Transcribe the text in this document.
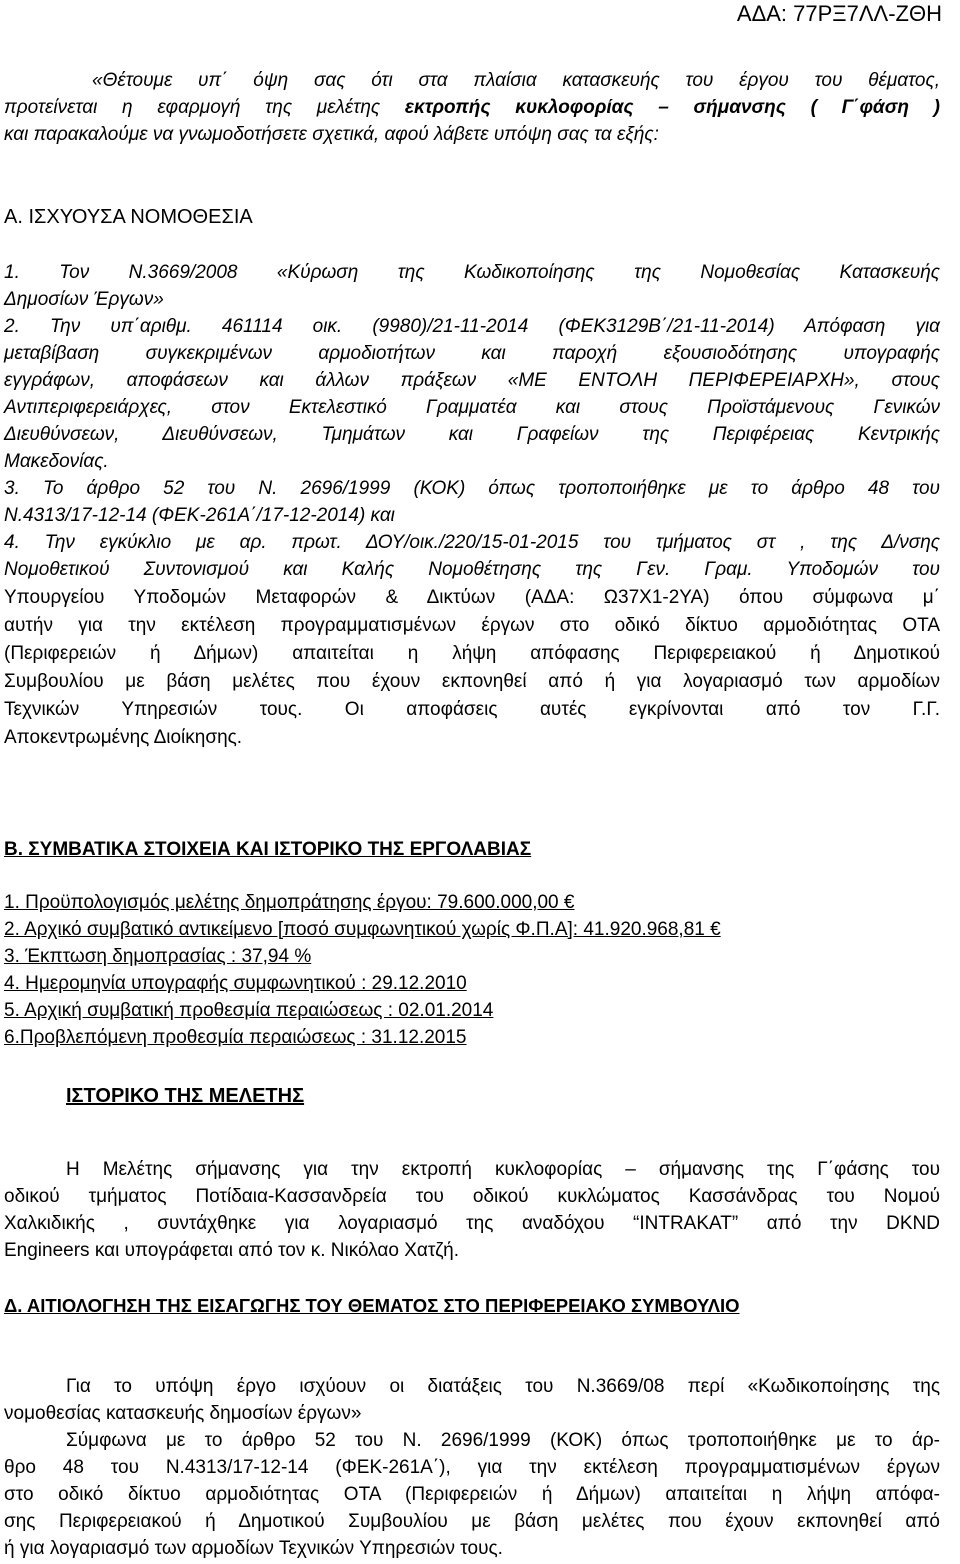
ΑΔΑ: 77ΡΞ7ΛΛ-ΖΘΗ
«Θέτουμε υπ΄ όψη σας ότι στα πλαίσια κατασκευής του έργου του θέματος,
προτείνεται η εφαρμογή της μελέτης εκτροπής κυκλοφορίας – σήμανσης ( Γ΄φάση )
και παρακαλούμε να γνωμοδοτήσετε σχετικά, αφού λάβετε υπόψη σας τα εξής:
Α. ΙΣΧΥΟΥΣΑ ΝΟΜΟΘΕΣΙΑ
1. Τον Ν.3669/2008 «Κύρωση της Κωδικοποίησης της Νομοθεσίας Κατασκευής
Δημοσίων Έργων»
2. Την υπ΄αριθμ. 461114 οικ. (9980)/21-11-2014 (ΦΕΚ3129Β΄/21-11-2014) Απόφαση για
μεταβίβαση συγκεκριμένων αρμοδιοτήτων και παροχή εξουσιοδότησης υπογραφής
εγγράφων, αποφάσεων και άλλων πράξεων «ΜΕ ΕΝΤΟΛΗ ΠΕΡΙΦΕΡΕΙΑΡΧΗ», στους
Αντιπεριφερειάρχες, στον Εκτελεστικό Γραμματέα και στους Προϊστάμενους Γενικών
Διευθύνσεων, Διευθύνσεων, Τμημάτων και Γραφείων της Περιφέρειας Κεντρικής
Μακεδονίας.
3. Το άρθρο 52 του Ν. 2696/1999 (ΚΟΚ) όπως τροποποιήθηκε με το άρθρο 48 του
Ν.4313/17-12-14 (ΦΕΚ-261Α΄/17-12-2014) και
4. Την εγκύκλιο με αρ. πρωτ. ΔΟΥ/οικ./220/15-01-2015 του τμήματος στ , της Δ/νσης
Νομοθετικού Συντονισμού και Καλής Νομοθέτησης της Γεν. Γραμ. Υποδομών του
Υπουργείου Υποδομών Μεταφορών & Δικτύων (ΑΔΑ: Ω37Χ1-2ΥΑ) όπου σύμφωνα μ΄
αυτήν για την εκτέλεση προγραμματισμένων έργων στο οδικό δίκτυο αρμοδιότητας ΟΤΑ
(Περιφερειών ή Δήμων) απαιτείται η λήψη απόφασης Περιφερειακού ή Δημοτικού
Συμβουλίου με βάση μελέτες που έχουν εκπονηθεί από ή για λογαριασμό των αρμοδίων
Τεχνικών Υπηρεσιών τους. Οι αποφάσεις αυτές εγκρίνονται από τον Γ.Γ.
Αποκεντρωμένης Διοίκησης.
Β. ΣΥΜΒΑΤΙΚΑ ΣΤΟΙΧΕΙΑ ΚΑΙ ΙΣΤΟΡΙΚΟ ΤΗΣ ΕΡΓΟΛΑΒΙΑΣ
1. Προϋπολογισμός μελέτης δημοπράτησης έργου: 79.600.000,00 €
2. Αρχικό συμβατικό αντικείμενο [ποσό συμφωνητικού χωρίς Φ.Π.Α]: 41.920.968,81 €
3. Έκπτωση δημοπρασίας : 37,94 %
4. Ημερομηνία υπογραφής συμφωνητικού : 29.12.2010
5. Αρχική συμβατική προθεσμία περαιώσεως : 02.01.2014
6.Προβλεπόμενη προθεσμία περαιώσεως : 31.12.2015
ΙΣΤΟΡΙΚΟ ΤΗΣ ΜΕΛΕΤΗΣ
Η Μελέτης σήμανσης για την εκτροπή κυκλοφορίας – σήμανσης της Γ΄φάσης του
οδικού τμήματος Ποτίδαια-Κασσανδρεία του οδικού κυκλώματος Κασσάνδρας του Νομού
Χαλκιδικής , συντάχθηκε για λογαριασμό της αναδόχου “INTRAKAT” από την DKND
Engineers και υπογράφεται από τον κ. Νικόλαο Χατζή.
Δ. ΑΙΤΙΟΛΟΓΗΣΗ ΤΗΣ ΕΙΣΑΓΩΓΗΣ ΤΟΥ ΘΕΜΑΤΟΣ ΣΤΟ ΠΕΡΙΦΕΡΕΙΑΚΟ ΣΥΜΒΟΥΛΙΟ
Για το υπόψη έργο ισχύουν οι διατάξεις του Ν.3669/08 περί «Κωδικοποίησης της
νομοθεσίας κατασκευής δημοσίων έργων»
Σύμφωνα με το άρθρο 52 του Ν. 2696/1999 (ΚΟΚ) όπως τροποποιήθηκε με το άρ-
θρο 48 του Ν.4313/17-12-14 (ΦΕΚ-261Α΄), για την εκτέλεση προγραμματισμένων έργων
στο οδικό δίκτυο αρμοδιότητας ΟΤΑ (Περιφερειών ή Δήμων) απαιτείται η λήψη απόφα-
σης Περιφερειακού ή Δημοτικού Συμβουλίου με βάση μελέτες που έχουν εκπονηθεί από
ή για λογαριασμό των αρμοδίων Τεχνικών Υπηρεσιών τους.
